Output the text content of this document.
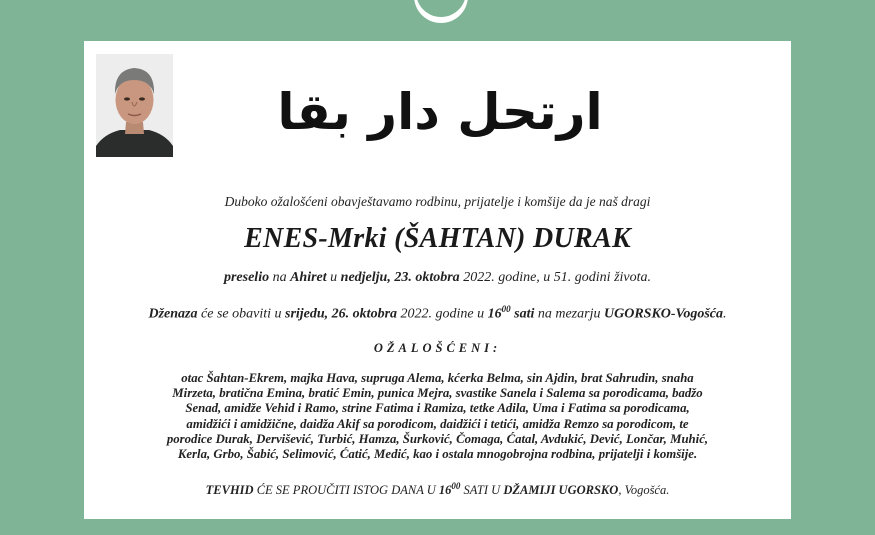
ارتحل دار بقا
Duboko ožalošćeni obavještavamo rodbinu, prijatelje i komšije da je naš dragi
ENES-Mrki (ŠAHTAN) DURAK
preselio na Ahiret u nedjelju, 23. oktobra 2022. godine, u 51. godini života.
Dženaza će se obaviti u srijedu, 26. oktobra 2022. godine u $16^{00}$ sati na mezarju UGORSKO-Vogošća.
OŽALOŠĆENI:
otac Šahtan-Ekrem, majka Hava, supruga Alema, kćerka Belma, sin Ajdin, brat Sahrudin, snaha
Mirzeta, bratična Emina, bratić Emin, punica Mejra, svastike Sanela i Salema sa porodicama, badžo
Senad, amidže Vehid i Ramo, strine Fatima i Ramiza, tetke Adila, Uma i Fatima sa porodicama,
amidžići i amidžične, daidža Akif sa porodicom, daidžići i tetići, amidža Remzo sa porodicom, te
porodice Durak, Dervišević, Turbić, Hamza, Šurković, Čomaga, Ćatal, Avdukić, Dević, Lončar, Muhić,
Kerla, Grbo, Šabić, Selimović, Ćatić, Medić, kao i ostala mnogobrojna rodbina, prijatelji i komšije.
TEVHID ĆE SE PROUČITI ISTOG DANA U $16^{00}$ SATI U DŽAMIJI UGORSKO, Vogošća.
